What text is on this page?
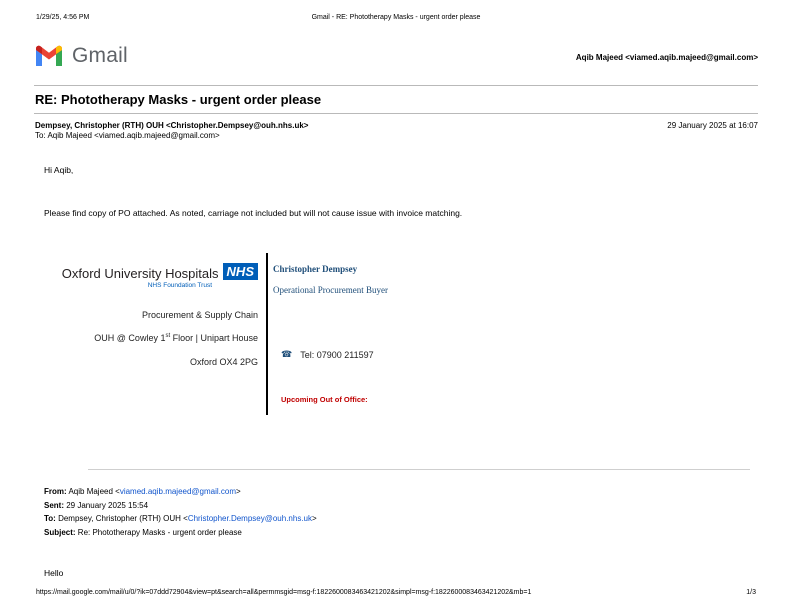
1/29/25, 4:56 PM	Gmail - RE: Phototherapy Masks - urgent order please
Gmail	Aqib Majeed <viamed.aqib.majeed@gmail.com>
RE: Phototherapy Masks - urgent order please
Dempsey, Christopher (RTH) OUH <Christopher.Dempsey@ouh.nhs.uk>
To: Aqib Majeed <viamed.aqib.majeed@gmail.com>
29 January 2025 at 16:07
Hi Aqib,
Please find copy of PO attached. As noted, carriage not included but will not cause issue with invoice matching.
Oxford University Hospitals NHS
NHS Foundation Trust
Procurement & Supply Chain
OUH @ Cowley 1st Floor | Unipart House
Oxford OX4 2PG
Christopher Dempsey
Operational Procurement Buyer
☎ Tel: 07900 211597
Upcoming Out of Office:
From: Aqib Majeed <viamed.aqib.majeed@gmail.com>
Sent: 29 January 2025 15:54
To: Dempsey, Christopher (RTH) OUH <Christopher.Dempsey@ouh.nhs.uk>
Subject: Re: Phototherapy Masks - urgent order please
Hello
https://mail.google.com/mail/u/0/?ik=07ddd72904&view=pt&search=all&permmsgid=msg-f:1822600083463421202&simpl=msg-f:1822600083463421202&mb=1	1/3
